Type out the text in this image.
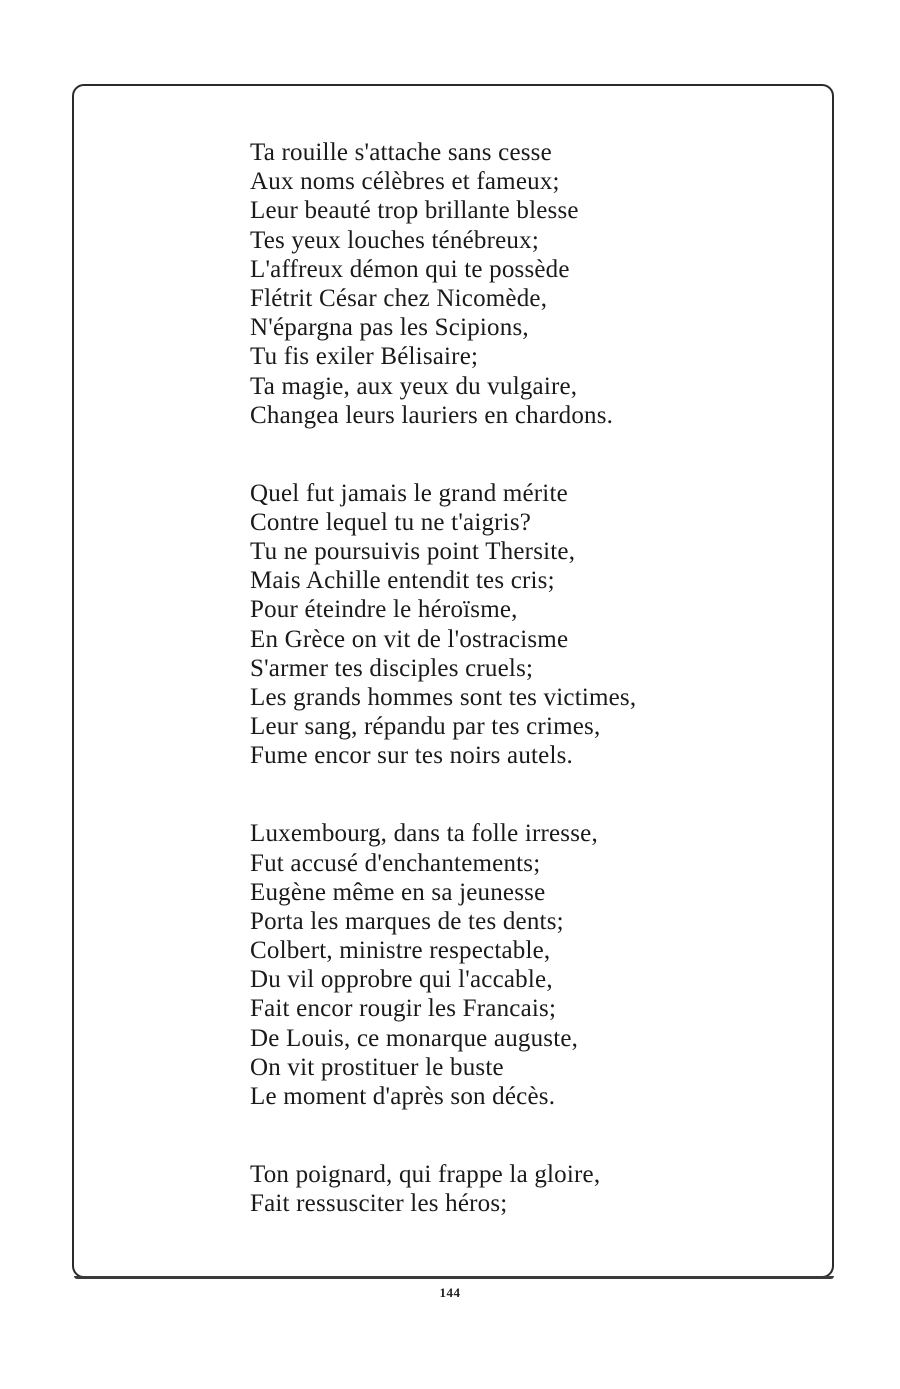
Ta rouille s'attache sans cesse
Aux noms célèbres et fameux;
Leur beauté trop brillante blesse
Tes yeux louches ténébreux;
L'affreux démon qui te possède
Flétrit César chez Nicomède,
N'épargna pas les Scipions,
Tu fis exiler Bélisaire;
Ta magie, aux yeux du vulgaire,
Changea leurs lauriers en chardons.
Quel fut jamais le grand mérite
Contre lequel tu ne t'aigris?
Tu ne poursuivis point Thersite,
Mais Achille entendit tes cris;
Pour éteindre le héroïsme,
En Grèce on vit de l'ostracisme
S'armer tes disciples cruels;
Les grands hommes sont tes victimes,
Leur sang, répandu par tes crimes,
Fume encor sur tes noirs autels.
Luxembourg, dans ta folle irresse,
Fut accusé d'enchantements;
Eugène même en sa jeunesse
Porta les marques de tes dents;
Colbert, ministre respectable,
Du vil opprobre qui l'accable,
Fait encor rougir les Francais;
De Louis, ce monarque auguste,
On vit prostituer le buste
Le moment d'après son décès.
Ton poignard, qui frappe la gloire,
Fait ressusciter les héros;
144
